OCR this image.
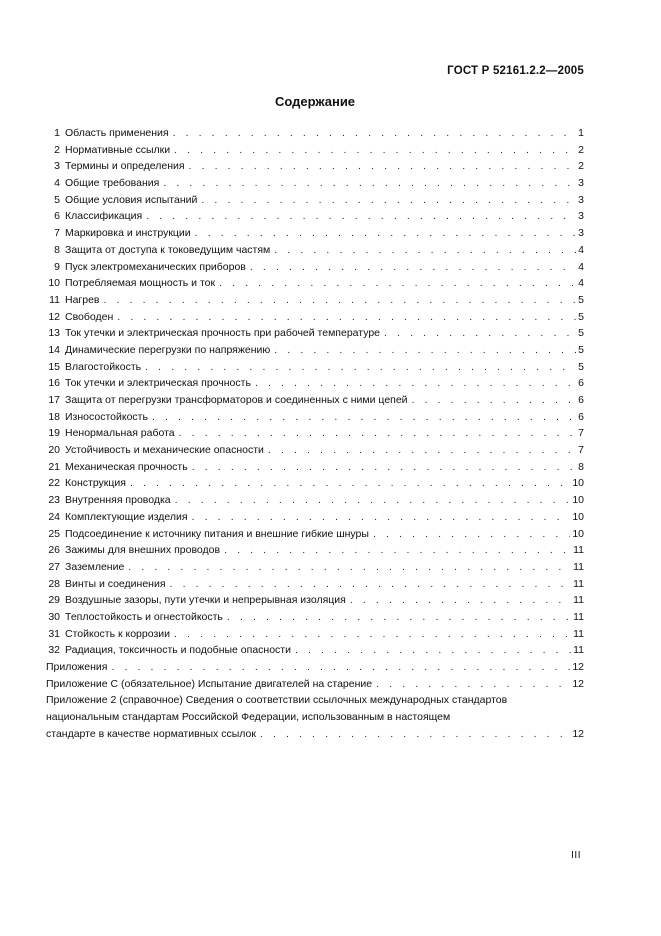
ГОСТ Р 52161.2.2—2005
Содержание
1 Область применения . . .	1
2 Нормативные ссылки . . .	2
3 Термины и определения . . .	2
4 Общие требования . . .	3
5 Общие условия испытаний . . .	3
6 Классификация . . .	3
7 Маркировка и инструкции . . .	3
8 Защита от доступа к токоведущим частям . . .	4
9 Пуск электромеханических приборов . . .	4
10 Потребляемая мощность и ток . . .	4
11 Нагрев . . .	5
12 Свободен . . .	5
13 Ток утечки и электрическая прочность при рабочей температуре . . .	5
14 Динамические перегрузки по напряжению . . .	5
15 Влагостойкость . . .	5
16 Ток утечки и электрическая прочность . . .	6
17 Защита от перегрузки трансформаторов и соединенных с ними цепей . . .	6
18 Износостойкость . . .	6
19 Ненормальная работа . . .	7
20 Устойчивость и механические опасности . . .	7
21 Механическая прочность . . .	8
22 Конструкция . . .	10
23 Внутренняя проводка . . .	10
24 Комплектующие изделия . . .	10
25 Подсоединение к источнику питания и внешние гибкие шнуры . . .	10
26 Зажимы для внешних проводов . . .	11
27 Заземление . . .	11
28 Винты и соединения . . .	11
29 Воздушные зазоры, пути утечки и непрерывная изоляция . . .	11
30 Теплостойкость и огнестойкость . . .	11
31 Стойкость к коррозии . . .	11
32 Радиация, токсичность и подобные опасности . . .	11
Приложения . . .	12
Приложение С (обязательное) Испытание двигателей на старение . . .	12
Приложение 2 (справочное) Сведения о соответствии ссылочных международных стандартов
национальным стандартам Российской Федерации, использованным в настоящем
стандарте в качестве нормативных ссылок . . .	12
III
